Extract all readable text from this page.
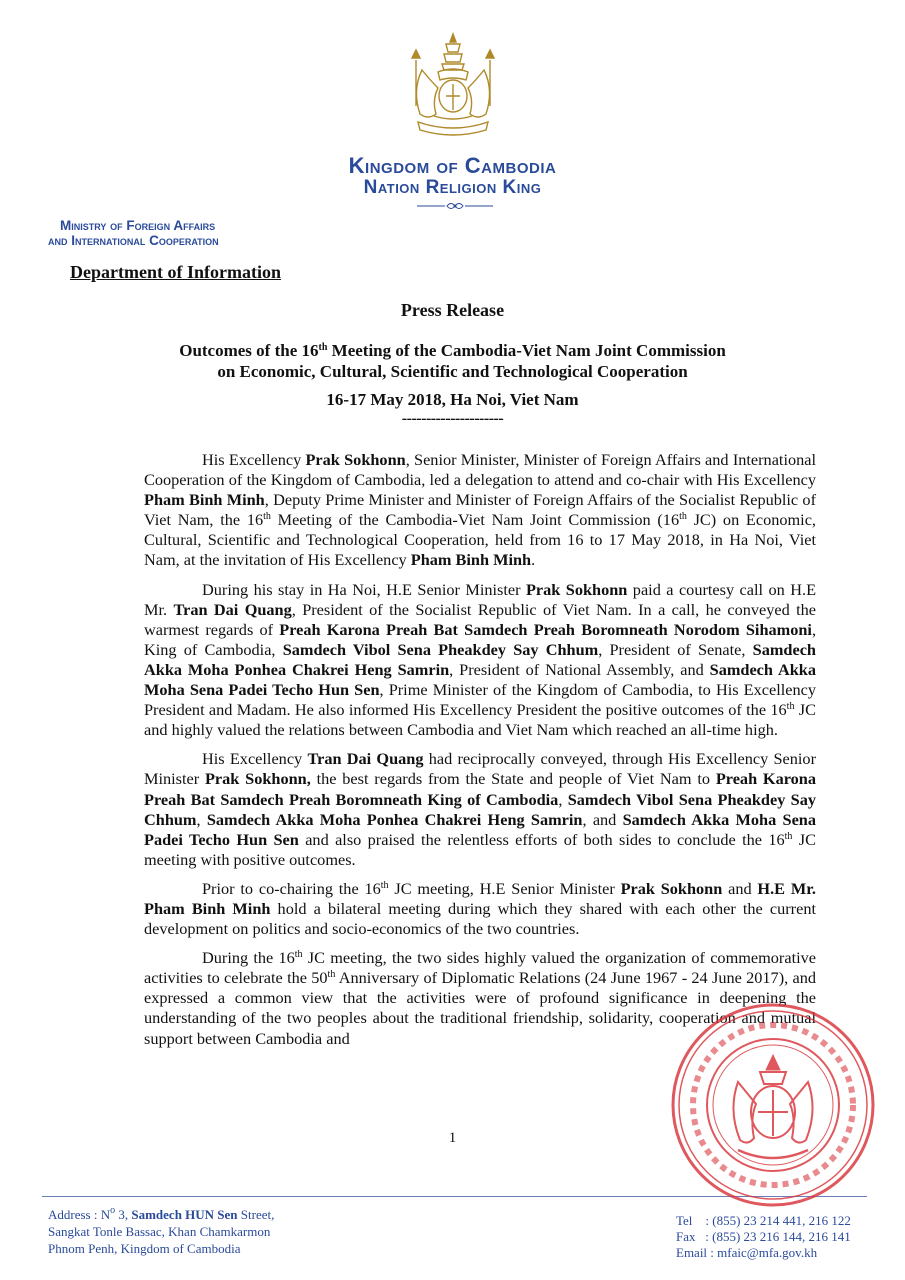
Kingdom of Cambodia
Nation Religion King
Ministry of Foreign Affairs
and International Cooperation
Department of Information
Press Release
Outcomes of the 16th Meeting of the Cambodia-Viet Nam Joint Commission
on Economic, Cultural, Scientific and Technological Cooperation
16-17 May 2018, Ha Noi, Viet Nam
---------------------

His Excellency Prak Sokhonn, Senior Minister, Minister of Foreign Affairs and International Cooperation of the Kingdom of Cambodia, led a delegation to attend and co-chair with His Excellency Pham Binh Minh, Deputy Prime Minister and Minister of Foreign Affairs of the Socialist Republic of Viet Nam, the 16th Meeting of the Cambodia-Viet Nam Joint Commission (16th JC) on Economic, Cultural, Scientific and Technological Cooperation, held from 16 to 17 May 2018, in Ha Noi, Viet Nam, at the invitation of His Excellency Pham Binh Minh.

During his stay in Ha Noi, H.E Senior Minister Prak Sokhonn paid a courtesy call on H.E Mr. Tran Dai Quang, President of the Socialist Republic of Viet Nam. In a call, he conveyed the warmest regards of Preah Karona Preah Bat Samdech Preah Boromneath Norodom Sihamoni, King of Cambodia, Samdech Vibol Sena Pheakdey Say Chhum, President of Senate, Samdech Akka Moha Ponhea Chakrei Heng Samrin, President of National Assembly, and Samdech Akka Moha Sena Padei Techo Hun Sen, Prime Minister of the Kingdom of Cambodia, to His Excellency President and Madam. He also informed His Excellency President the positive outcomes of the 16th JC and highly valued the relations between Cambodia and Viet Nam which reached an all-time high.

His Excellency Tran Dai Quang had reciprocally conveyed, through His Excellency Senior Minister Prak Sokhonn, the best regards from the State and people of Viet Nam to Preah Karona Preah Bat Samdech Preah Boromneath King of Cambodia, Samdech Vibol Sena Pheakdey Say Chhum, Samdech Akka Moha Ponhea Chakrei Heng Samrin, and Samdech Akka Moha Sena Padei Techo Hun Sen and also praised the relentless efforts of both sides to conclude the 16th JC meeting with positive outcomes.

Prior to co-chairing the 16th JC meeting, H.E Senior Minister Prak Sokhonn and H.E Mr. Pham Binh Minh hold a bilateral meeting during which they shared with each other the current development on politics and socio-economics of the two countries.

During the 16th JC meeting, the two sides highly valued the organization of commemorative activities to celebrate the 50th Anniversary of Diplomatic Relations (24 June 1967 - 24 June 2017), and expressed a common view that the activities were of profound significance in deepening the understanding of the two peoples about the traditional friendship, solidarity, cooperation and mutual support between Cambodia and

1
Address : $N^o$ 3, Samdech HUN Sen Street,
Sangkat Tonle Bassac, Khan Chamkarmon
Phnom Penh, Kingdom of Cambodia
Tel    : (855) 23 214 441, 216 122
Fax   : (855) 23 216 144, 216 141
Email : mfaic@mfa.gov.kh
